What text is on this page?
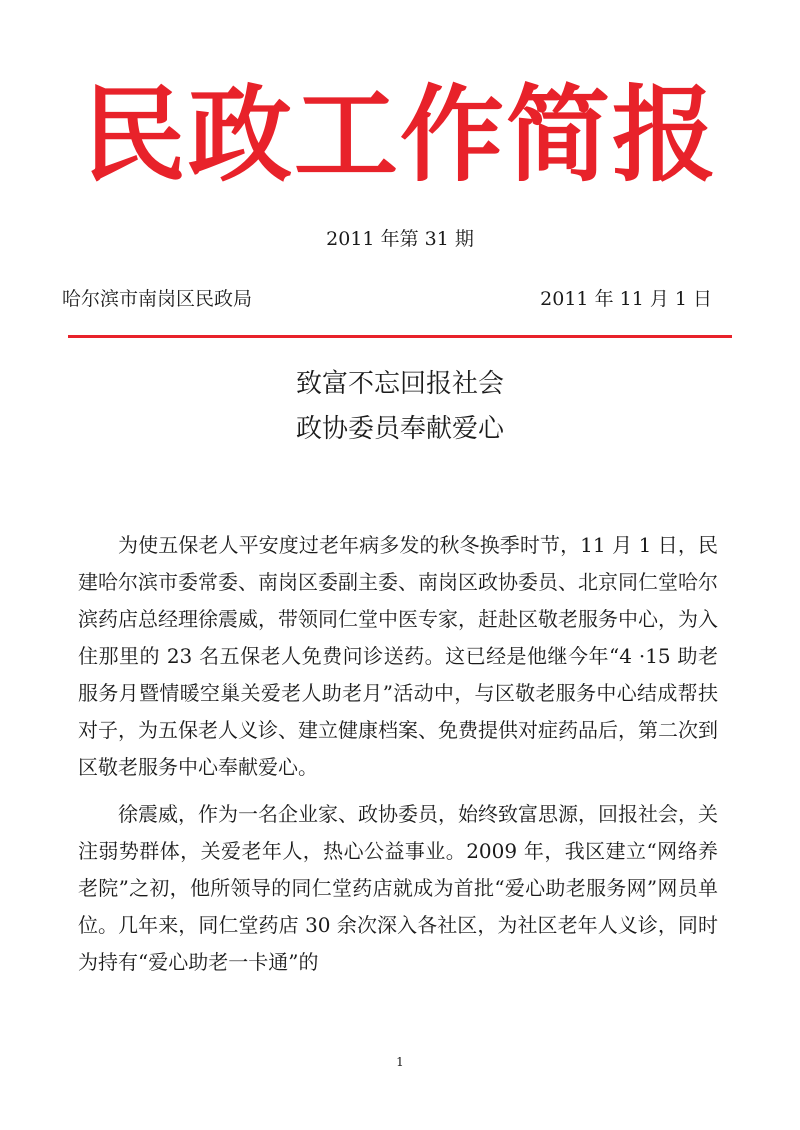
民政工作简报
2011 年第 31 期
哈尔滨市南岗区民政局	2011 年 11 月 1 日
致富不忘回报社会
政协委员奉献爱心

为使五保老人平安度过老年病多发的秋冬换季时节，11 月 1 日，民建哈尔滨市委常委、南岗区委副主委、南岗区政协委员、北京同仁堂哈尔滨药店总经理徐震威，带领同仁堂中医专家，赶赴区敬老服务中心，为入住那里的 23 名五保老人免费问诊送药。这已经是他继今年“4 ·15 助老服务月暨情暖空巢关爱老人助老月”活动中，与区敬老服务中心结成帮扶对子，为五保老人义诊、建立健康档案、免费提供对症药品后，第二次到区敬老服务中心奉献爱心。

徐震威，作为一名企业家、政协委员，始终致富思源，回报社会，关注弱势群体，关爱老年人，热心公益事业。2009 年，我区建立“网络养老院”之初，他所领导的同仁堂药店就成为首批“爱心助老服务网”网员单位。几年来，同仁堂药店 30 余次深入各社区，为社区老年人义诊，同时为持有“爱心助老一卡通”的

1
